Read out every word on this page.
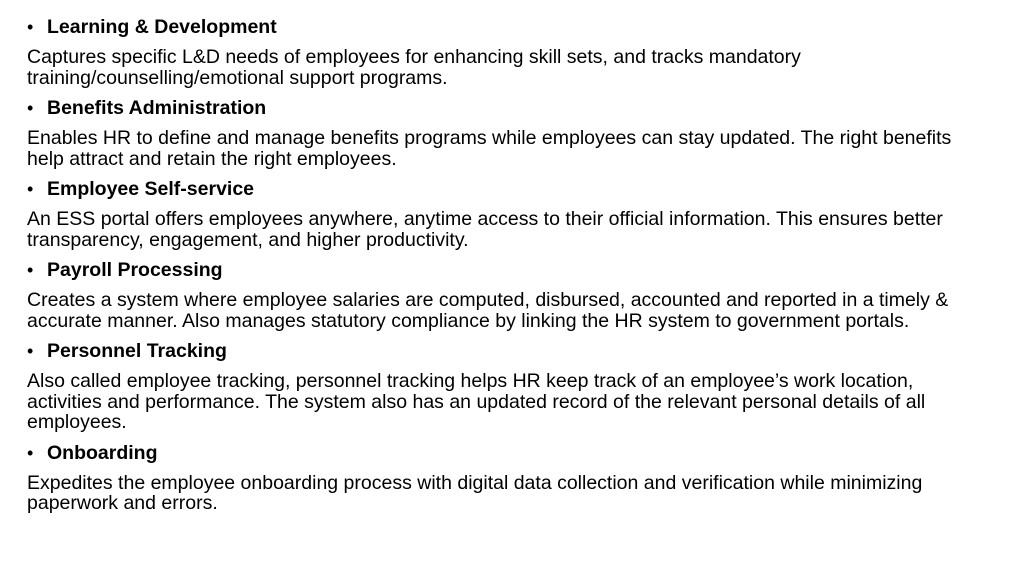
• Learning & Development

Captures specific L&D needs of employees for enhancing skill sets, and tracks mandatory training/counselling/emotional support programs.

• Benefits Administration

Enables HR to define and manage benefits programs while employees can stay updated. The right benefits help attract and retain the right employees.

• Employee Self-service

An ESS portal offers employees anywhere, anytime access to their official information. This ensures better transparency, engagement, and higher productivity.

• Payroll Processing

Creates a system where employee salaries are computed, disbursed, accounted and reported in a timely & accurate manner. Also manages statutory compliance by linking the HR system to government portals.

• Personnel Tracking

Also called employee tracking, personnel tracking helps HR keep track of an employee’s work location, activities and performance. The system also has an updated record of the relevant personal details of all employees.

• Onboarding

Expedites the employee onboarding process with digital data collection and verification while minimizing paperwork and errors.
